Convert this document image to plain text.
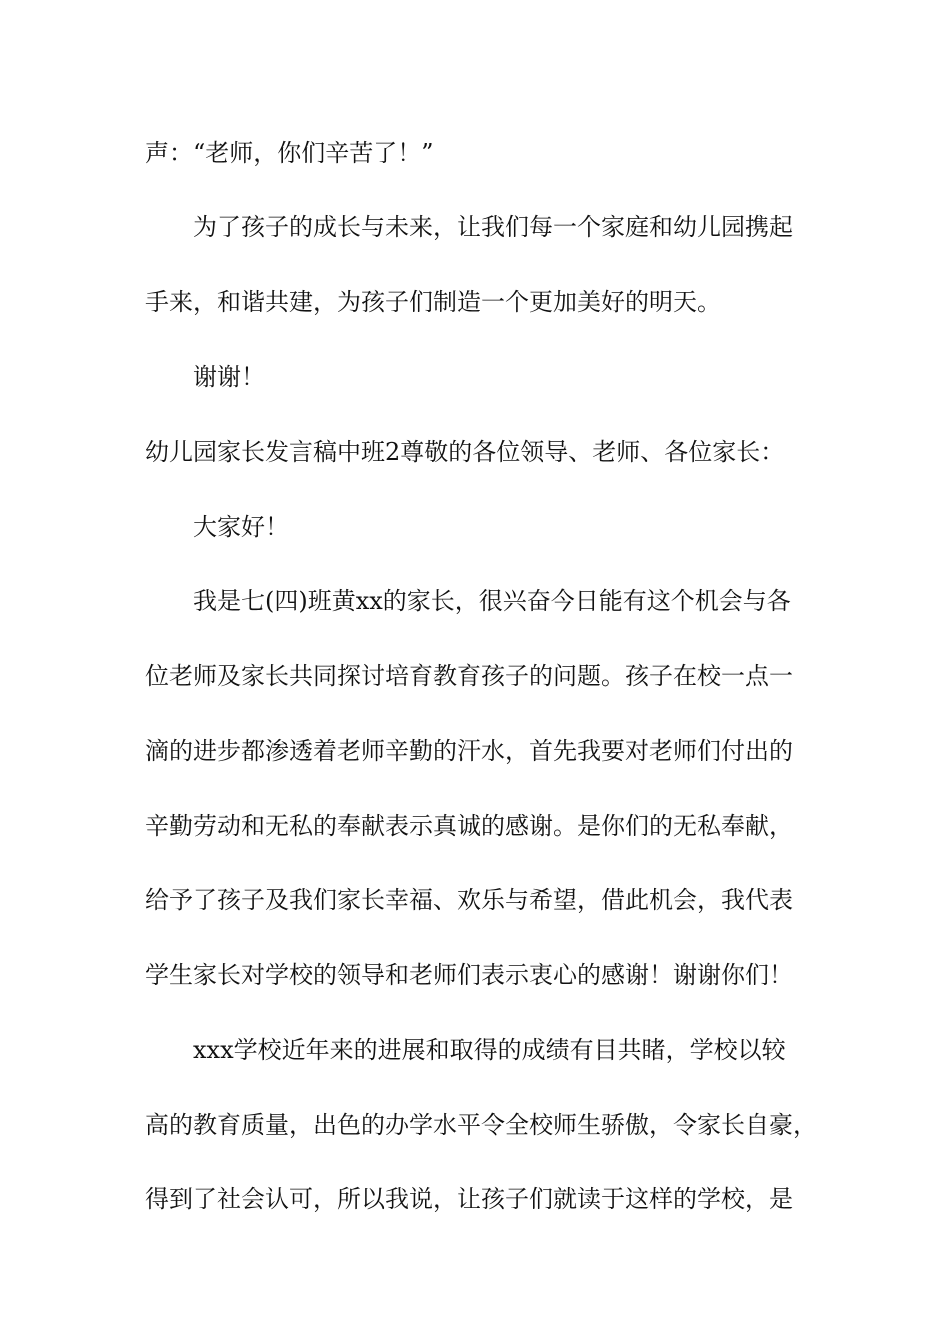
声：“老师，你们辛苦了！”
为了孩子的成长与未来，让我们每一个家庭和幼儿园携起
手来，和谐共建，为孩子们制造一个更加美好的明天。
谢谢！
幼儿园家长发言稿中班2尊敬的各位领导、老师、各位家长：
大家好！
我是七(四)班黄xx的家长，很兴奋今日能有这个机会与各
位老师及家长共同探讨培育教育孩子的问题。孩子在校一点一
滴的进步都渗透着老师辛勤的汗水，首先我要对老师们付出的
辛勤劳动和无私的奉献表示真诚的感谢。是你们的无私奉献，
给予了孩子及我们家长幸福、欢乐与希望，借此机会，我代表
学生家长对学校的领导和老师们表示衷心的感谢！谢谢你们！
xxx学校近年来的进展和取得的成绩有目共睹，学校以较
高的教育质量，出色的办学水平令全校师生骄傲，令家长自豪，
得到了社会认可，所以我说，让孩子们就读于这样的学校，是
